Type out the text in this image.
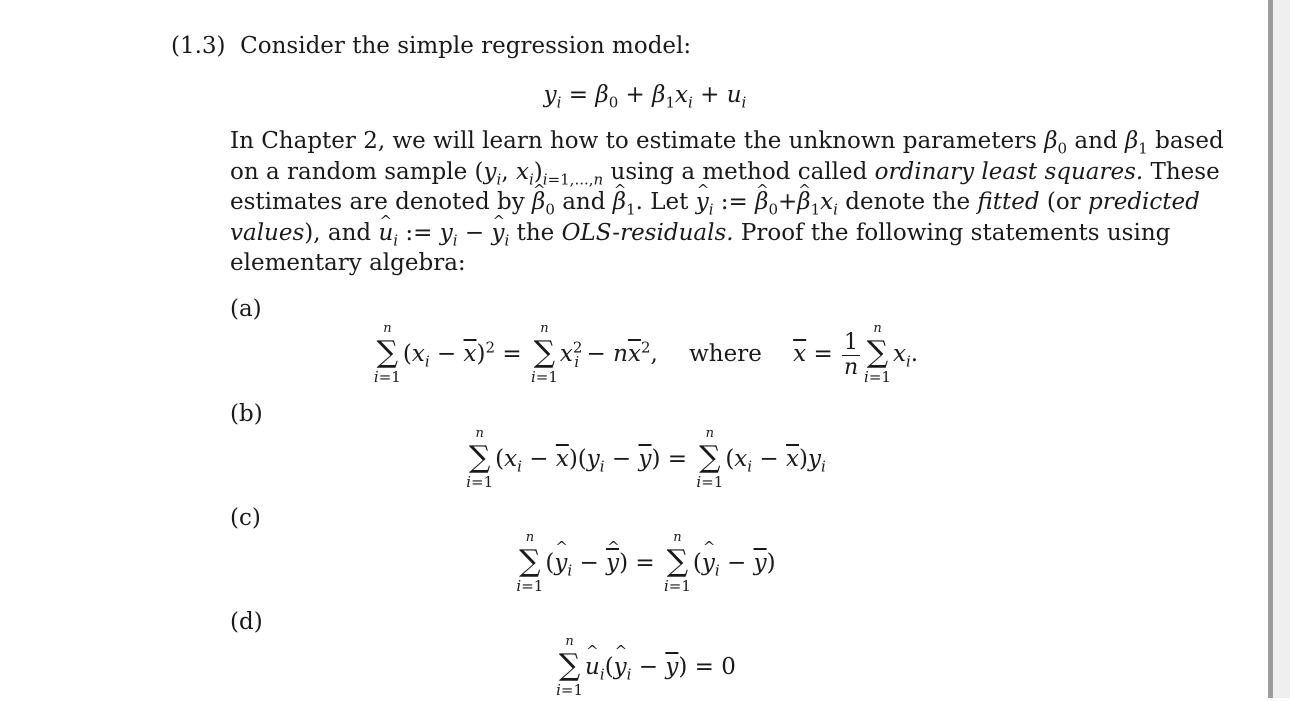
(1.3) Consider the simple regression model:
$y_i = \beta_0 + \beta_1x_i + u_i$
In Chapter 2, we will learn how to estimate the unknown parameters $\beta_0$ and $\beta_1$ based
on a random sample ($y_i$, $x_i)_{i=1,...,n}$ using a method called ordinary least squares. These
estimates are denoted by β $\^{}_0$ and β $\^{}_1$. Let y $\^{}_i$ := β $\^{}_0+\beta$ $\^{}_1x_i$ denote the fitted (or predicted
values), and u $\^{}_i$ := $y_i - y$ $\^{}_i$ the OLS-residuals. Proof the following statements using
elementary algebra:
(a)
n
∑
i=1
$(x_i - \overline{x})^2$ =
n
∑
i=1
$x^2_i - n\overline{x}^2$, where $\overline{x} = \frac{1}{n}$
n
∑
i=1
$x_i$.
(b)
n
∑
i=1
$(x_i - \overline{x})(y_i - \overline{y})$ =
n
∑
i=1
$(x_i - \overline{x})y_i$
(c)
n
∑
i=1
(y $\^{}_i - \overline{y}$ ^) =
n
∑
i=1
(y $\^{}_i - \overline{y}$)
(d)
n
∑
i=1
u $\^{}_i(y$ $\^{}_i - \overline{y}) = 0$
